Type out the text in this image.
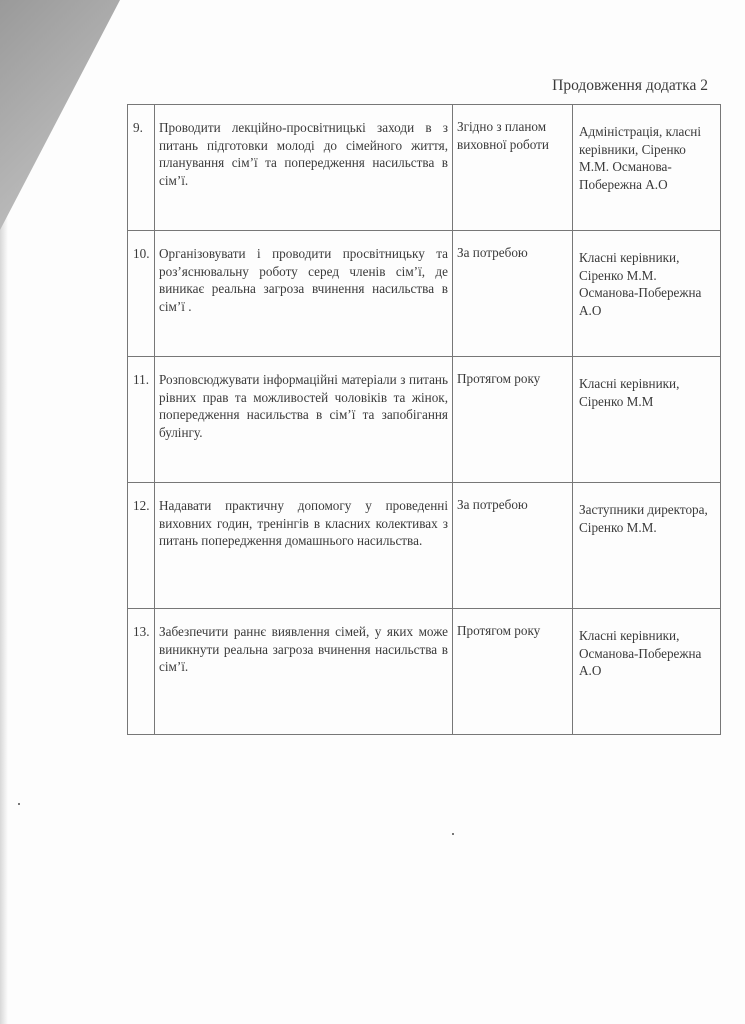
Продовження додатка 2
9.	Проводити лекційно-просвітницькі заходи в з питань підготовки молоді до сімейного життя, планування сім’ї та попередження насильства в сім’ї.	Згідно з планом виховної роботи	Адміністрація, класні керівники, Сіренко М.М. Османова-Побережна А.О
10.	Організовувати і проводити просвітницьку та роз’яснювальну роботу серед членів сім’ї, де виникає реальна загроза вчинення насильства в сім’ї .	За потребою	Класні керівники, Сіренко М.М. Османова-Побережна А.О
11.	Розповсюджувати інформаційні матеріали з питань рівних прав та можливостей чоловіків та жінок, попередження насильства в сім’ї та запобігання булінгу.	Протягом року	Класні керівники, Сіренко М.М
12.	Надавати практичну допомогу у проведенні виховних годин, тренінгів в класних колективах з питань попередження домашнього насильства.	За потребою	Заступники директора, Сіренко М.М.
13.	Забезпечити раннє виявлення сімей, у яких може виникнути реальна загроза вчинення насильства в сім’ї.	Протягом року	Класні керівники, Османова-Побережна А.О
